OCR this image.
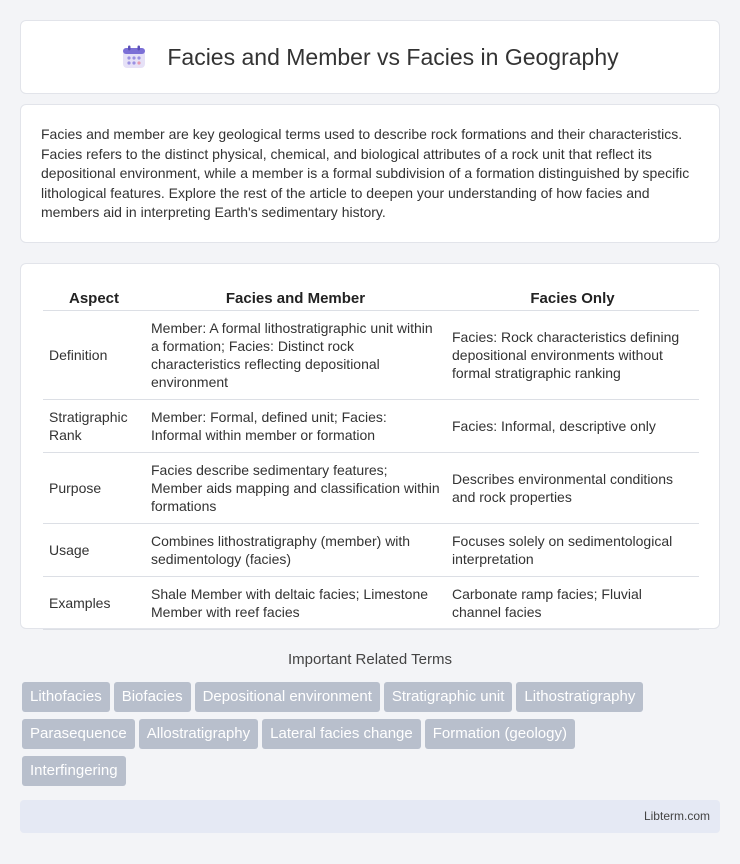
Facies and Member vs Facies in Geography

Facies and member are key geological terms used to describe rock formations and their characteristics. Facies refers to the distinct physical, chemical, and biological attributes of a rock unit that reflect its depositional environment, while a member is a formal subdivision of a formation distinguished by specific lithological features. Explore the rest of the article to deepen your understanding of how facies and members aid in interpreting Earth's sedimentary history.

Aspect	Facies and Member	Facies Only
Definition	Member: A formal lithostratigraphic unit within a formation; Facies: Distinct rock characteristics reflecting depositional environment	Facies: Rock characteristics defining depositional environments without formal stratigraphic ranking
Stratigraphic Rank	Member: Formal, defined unit; Facies: Informal within member or formation	Facies: Informal, descriptive only
Purpose	Facies describe sedimentary features; Member aids mapping and classification within formations	Describes environmental conditions and rock properties
Usage	Combines lithostratigraphy (member) with sedimentology (facies)	Focuses solely on sedimentological interpretation
Examples	Shale Member with deltaic facies; Limestone Member with reef facies	Carbonate ramp facies; Fluvial channel facies
Important Related Terms
Lithofacies Biofacies Depositional environment Stratigraphic unit Lithostratigraphy
Parasequence Allostratigraphy Lateral facies change Formation (geology)
Interfingering
Libterm.com
